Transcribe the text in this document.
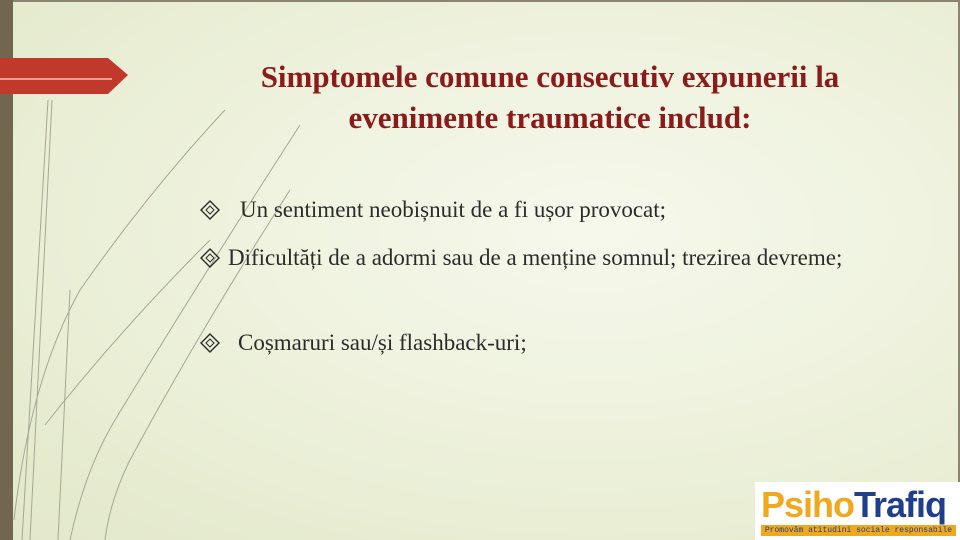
Simptomele comune consecutiv expunerii la evenimente traumatice includ:
Un sentiment neobișnuit de a fi ușor provocat;
Dificultăți de a adormi sau de a menține somnul; trezirea devreme;
Coșmaruri sau/și flashback-uri;
PsihoTrafiq
Promovăm atitudini sociale responsabile
